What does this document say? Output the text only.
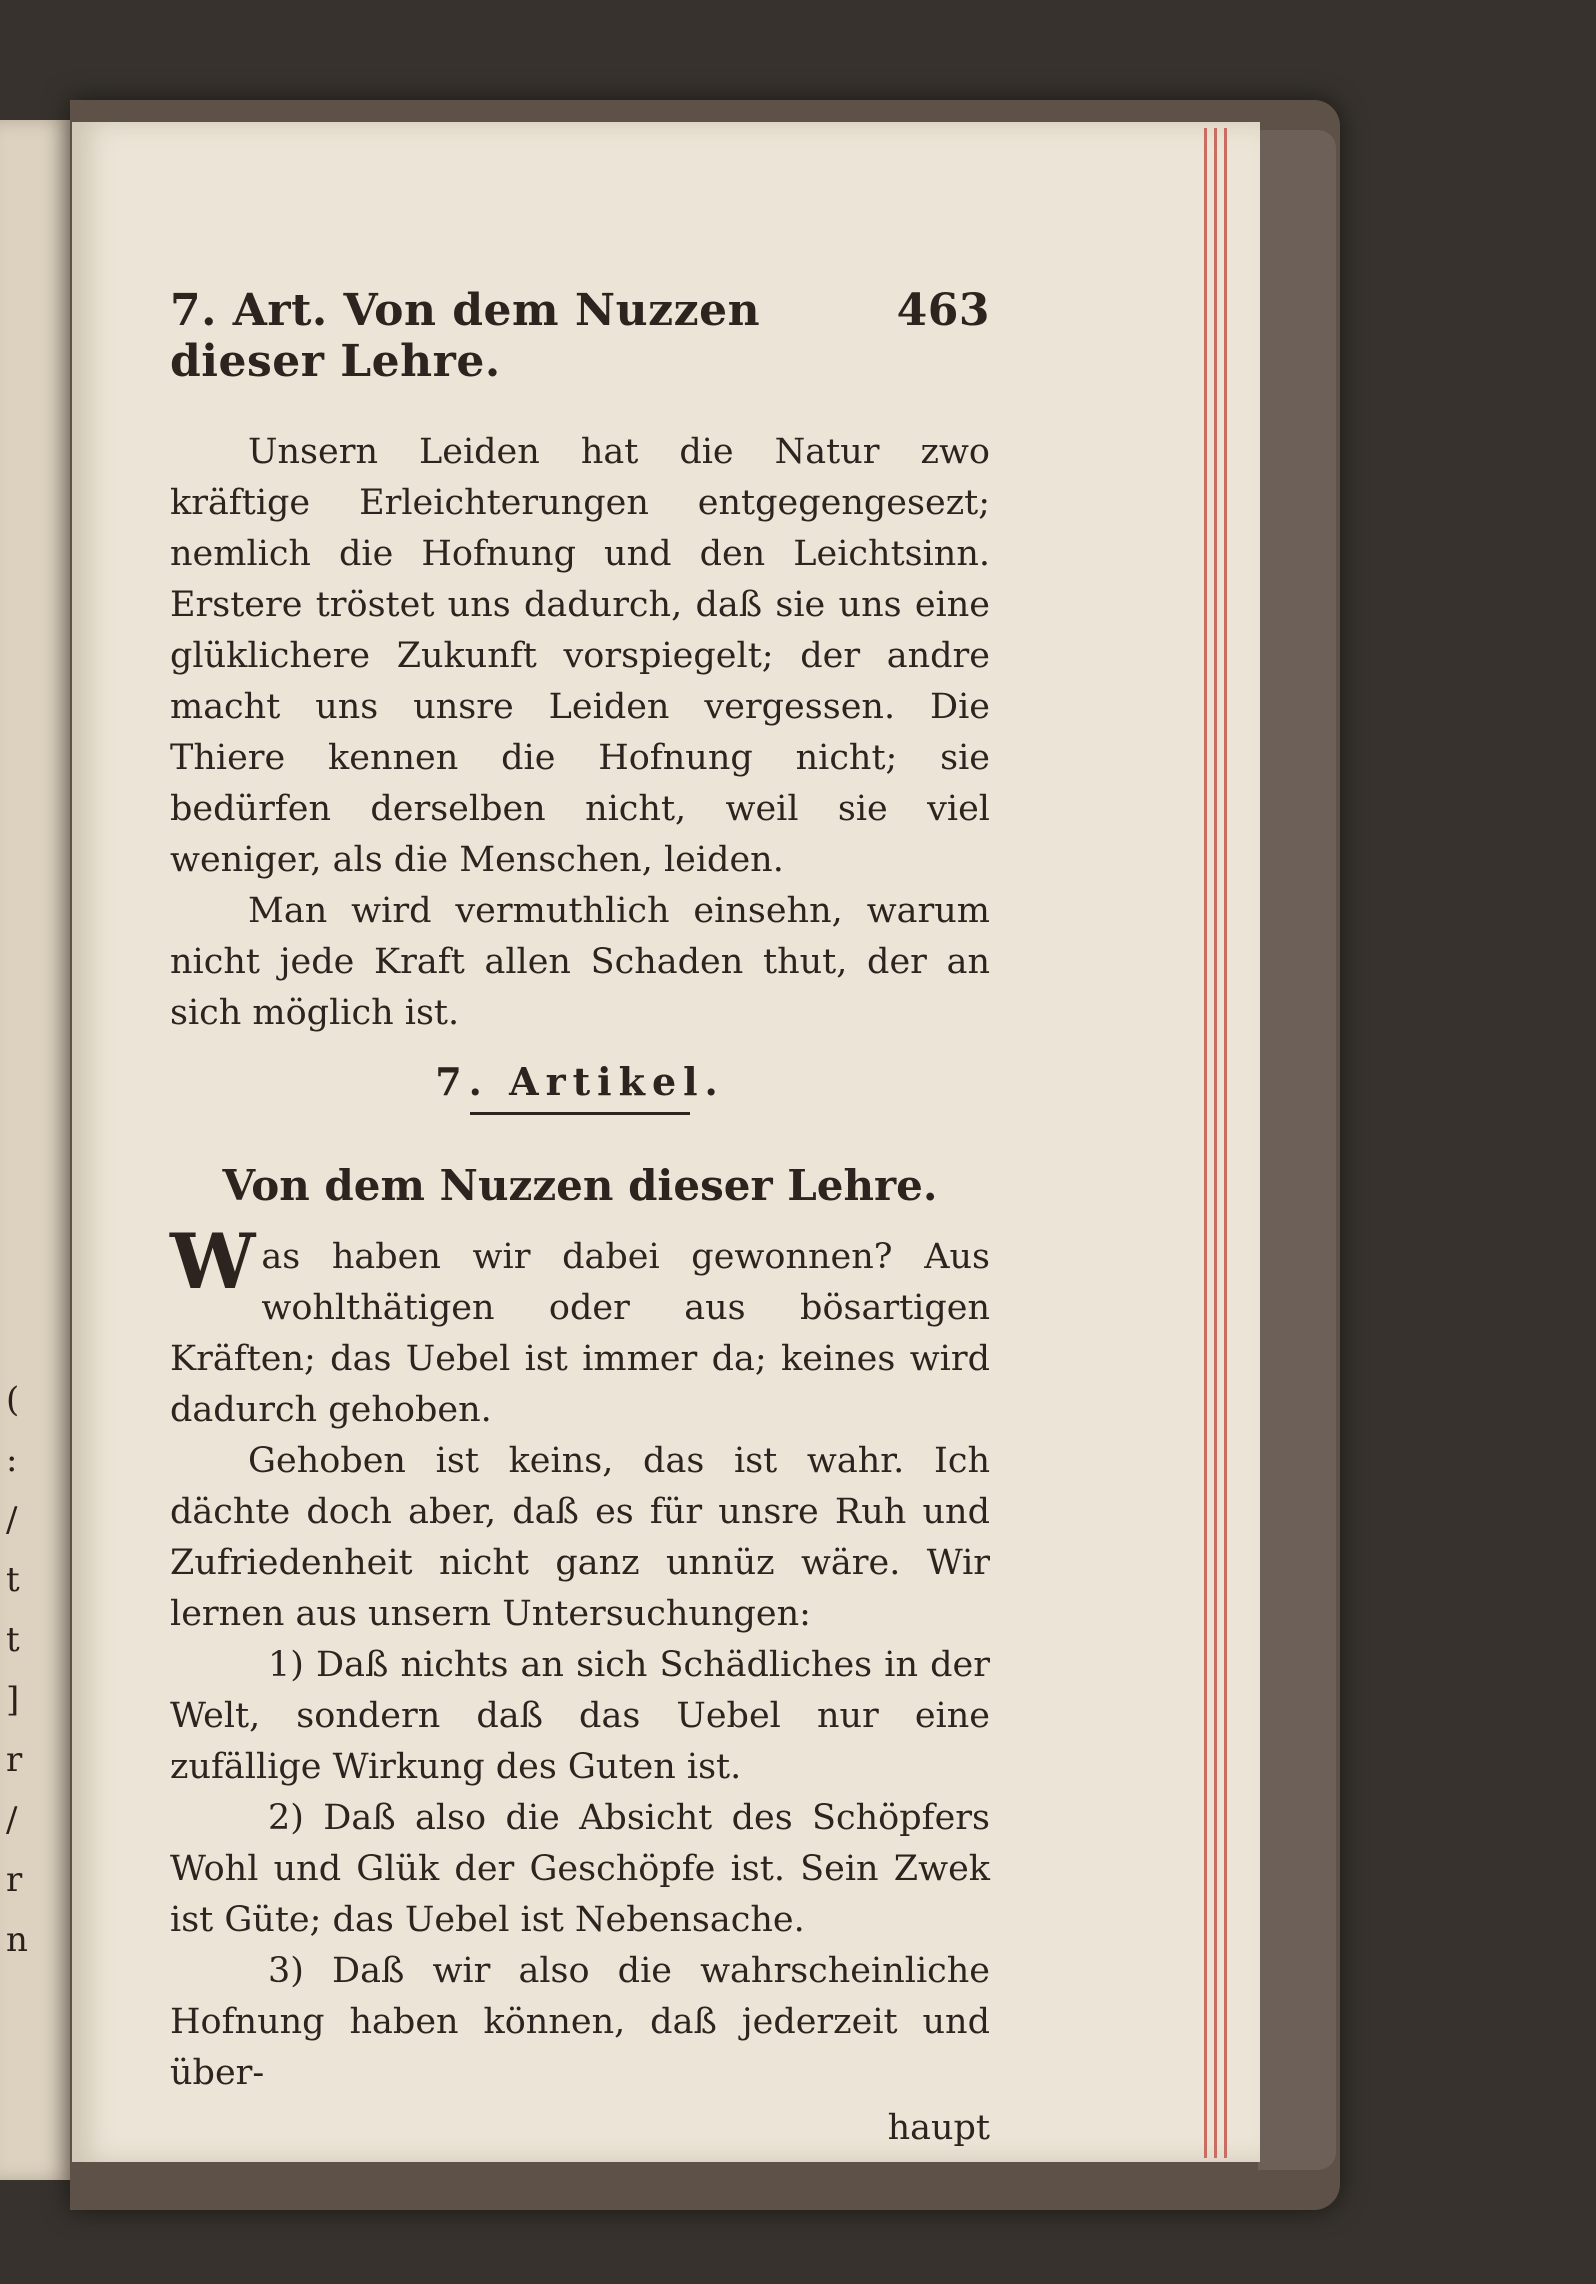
(
:
/
t
t
]
r
/
r
n
7. Art. Von dem Nuzzen dieser Lehre.
463

Unsern Leiden hat die Natur zwo kräftige Erleichterungen entgegengesezt; nemlich die Hofnung und den Leichtsinn. Erstere tröstet uns dadurch, daß sie uns eine glüklichere Zukunft vorspiegelt; der andre macht uns unsre Leiden vergessen. Die Thiere kennen die Hofnung nicht; sie bedürfen derselben nicht, weil sie viel weniger, als die Menschen, leiden.

Man wird vermuthlich einsehn, warum nicht jede Kraft allen Schaden thut, der an sich möglich ist.

7. Artikel.
Von dem Nuzzen dieser Lehre.

Was haben wir dabei gewonnen? Aus wohlthätigen oder aus bösartigen Kräften; das Uebel ist immer da; keines wird dadurch gehoben.

Gehoben ist keins, das ist wahr. Ich dächte doch aber, daß es für unsre Ruh und Zufriedenheit nicht ganz unnüz wäre. Wir lernen aus unsern Untersuchungen:

1) Daß nichts an sich Schädliches in der Welt, sondern daß das Uebel nur eine zufällige Wirkung des Guten ist.

2) Daß also die Absicht des Schöpfers Wohl und Glük der Geschöpfe ist. Sein Zwek ist Güte; das Uebel ist Nebensache.

3) Daß wir also die wahrscheinliche Hofnung haben können, daß jederzeit und über-

haupt
